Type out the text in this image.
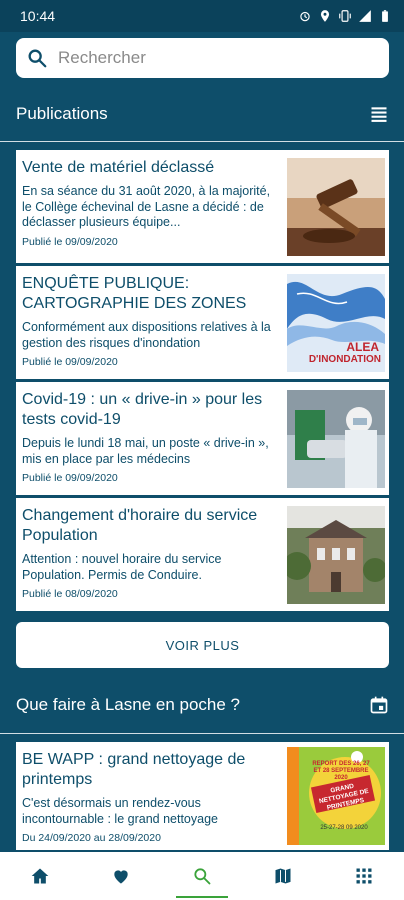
10:44
Rechercher
Publications
Vente de matériel déclassé
En sa séance du 31 août 2020, à la majorité, le Collège échevinal de Lasne a décidé : de déclasser plusieurs équipe...
Publié le 09/09/2020
ENQUÊTE PUBLIQUE: CARTOGRAPHIE DES ZONES
Conformément aux dispositions relatives à la gestion des risques d'inondation
Publié le 09/09/2020
ALEA
D'INONDATION
Covid-19 : un « drive-in » pour les tests covid-19
Depuis le lundi 18 mai, un poste « drive-in », mis en place par les médecins
Publié le 09/09/2020
Changement d'horaire du service Population
Attention : nouvel horaire du service Population. Permis de Conduire.
Publié le 08/09/2020
VOIR PLUS
Que faire à Lasne en poche ?
BE WAPP : grand nettoyage de printemps
C'est désormais un rendez-vous incontournable : le grand nettoyage
Du 24/09/2020 au 28/09/2020
REPORT DES 26, 27 ET 28 SEPTEMBRE 2020
GRAND NETTOYAGE DE PRINTEMPS
25-27-28 09 2020
